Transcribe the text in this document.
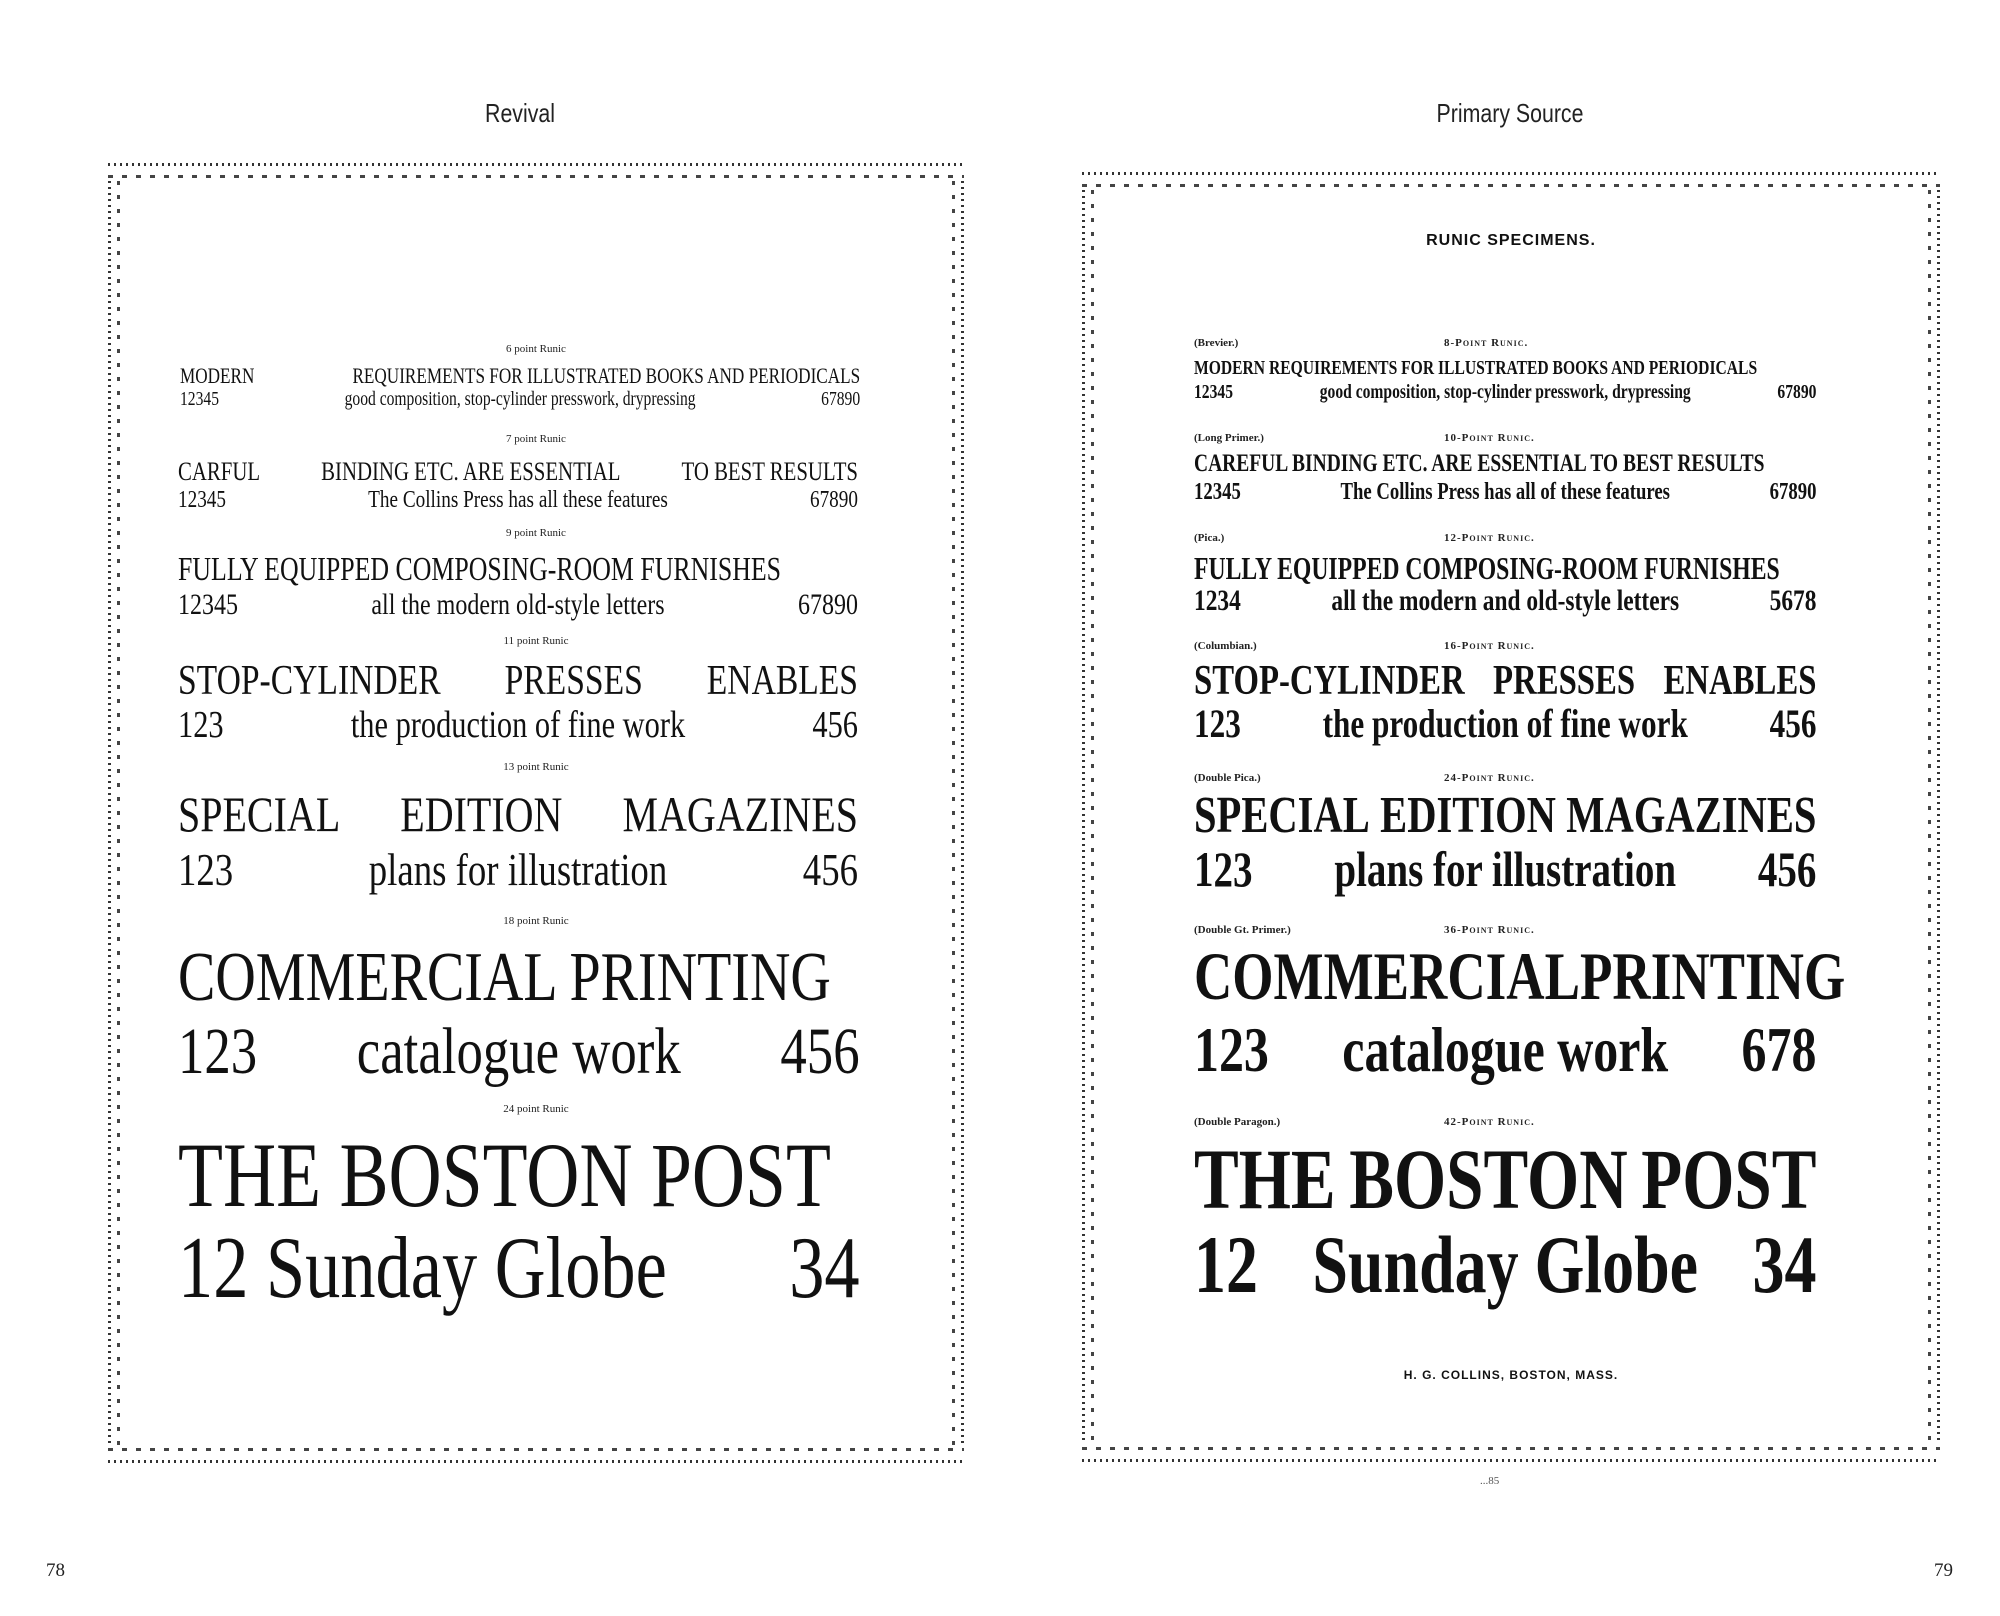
Revival	Primary Source
6 point Runic
MODERN	REQUIREMENTS FOR ILLUSTRATED BOOKS AND PERIODICALS
12345	good composition, stop-cylinder presswork, drypressing	67890
7 point Runic
CARFUL BINDING ETC. ARE ESSENTIAL TO BEST RESULTS
12345	The Collins Press has all these features	67890
9 point Runic
FULLY EQUIPPED COMPOSING-ROOM FURNISHES
12345	all the modern old-style letters	67890
11 point Runic
STOP-CYLINDER PRESSES ENABLES
123	the production of fine work	456
13 point Runic
SPECIAL EDITION MAGAZINES
123	plans for illustration	456
18 point Runic
COMMERCIAL PRINTING
123 catalogue work 456
24 point Runic
THE BOSTON POST
12 Sunday Globe 34
RUNIC SPECIMENS.
(Brevier.)	8-Point Runic.
MODERN REQUIREMENTS FOR ILLUSTRATED BOOKS AND PERIODICALS
12345	good composition, stop-cylinder presswork, drypressing	67890
(Long Primer.)	10-Point Runic.
CAREFUL BINDING ETC. ARE ESSENTIAL TO BEST RESULTS
12345	The Collins Press has all of these features	67890
(Pica.)	12-Point Runic.
FULLY EQUIPPED COMPOSING-ROOM FURNISHES
1234	all the modern and old-style letters	5678
(Columbian.)	16-Point Runic.
STOP-CYLINDER PRESSES ENABLES
123 the production of fine work 456
(Double Pica.)	24-Point Runic.
SPECIAL EDITION MAGAZINES
123 plans for illustration 456
(Double Gt. Primer.)	36-Point Runic.
COMMERCIAL PRINTING
123 catalogue work 678
(Double Paragon.)	42-Point Runic.
THE BOSTON POST
12 Sunday Globe 34
H. G. COLLINS, BOSTON, MASS.
...85
78	79
